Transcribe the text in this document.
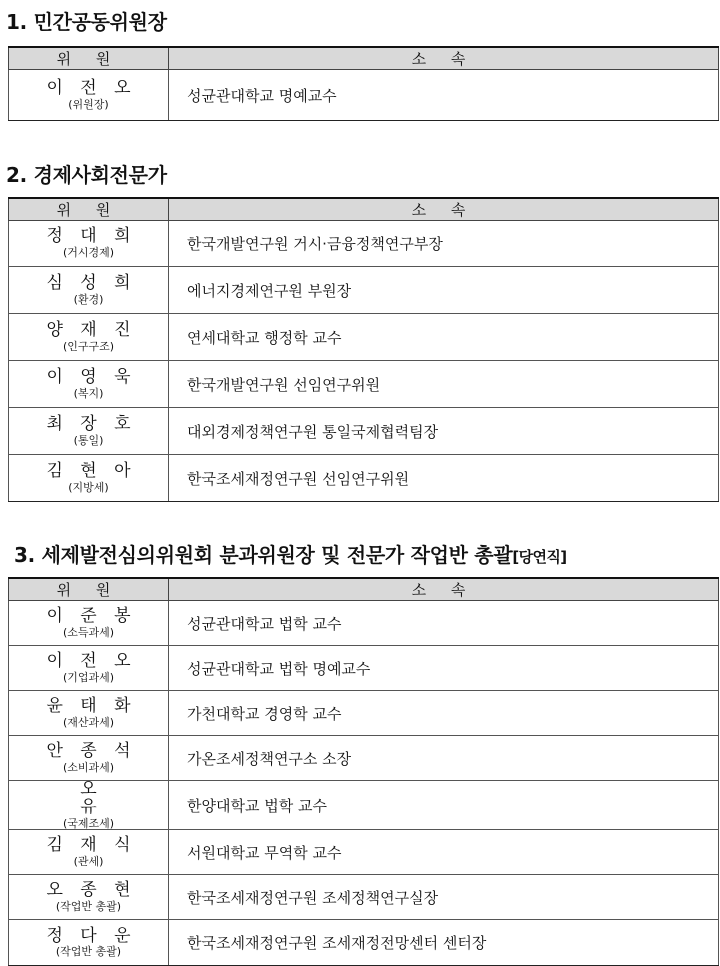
1. 민간공동위원장
위 원	소 속

이 전 오
(위원장)	성균관대학교 명예교수
2. 경제사회전문가
위 원	소 속

정 대 희
(거시경제)	한국개발연구원 거시·금융정책연구부장

심 성 희
(환경)	에너지경제연구원 부원장

양 재 진
(인구구조)	연세대학교 행정학 교수

이 영 욱
(복지)	한국개발연구원 선임연구위원

최 장 호
(통일)	대외경제정책연구원 통일국제협력팀장

김 현 아
(지방세)	한국조세재정연구원 선임연구위원
3. 세제발전심의위원회 분과위원장 및 전문가 작업반 총괄[당연직]
위 원	소 속

이 준 봉
(소득과세)	성균관대학교 법학 교수

이 전 오
(기업과세)	성균관대학교 법학 명예교수

윤 태 화
(재산과세)	가천대학교 경영학 교수

안 종 석
(소비과세)	가온조세정책연구소 소장

오 유
(국제조세)	한양대학교 법학 교수

김 재 식
(관세)	서원대학교 무역학 교수

오 종 현
(작업반 총괄)	한국조세재정연구원 조세정책연구실장

정 다 운
(작업반 총괄)	한국조세재정연구원 조세재정전망센터 센터장
